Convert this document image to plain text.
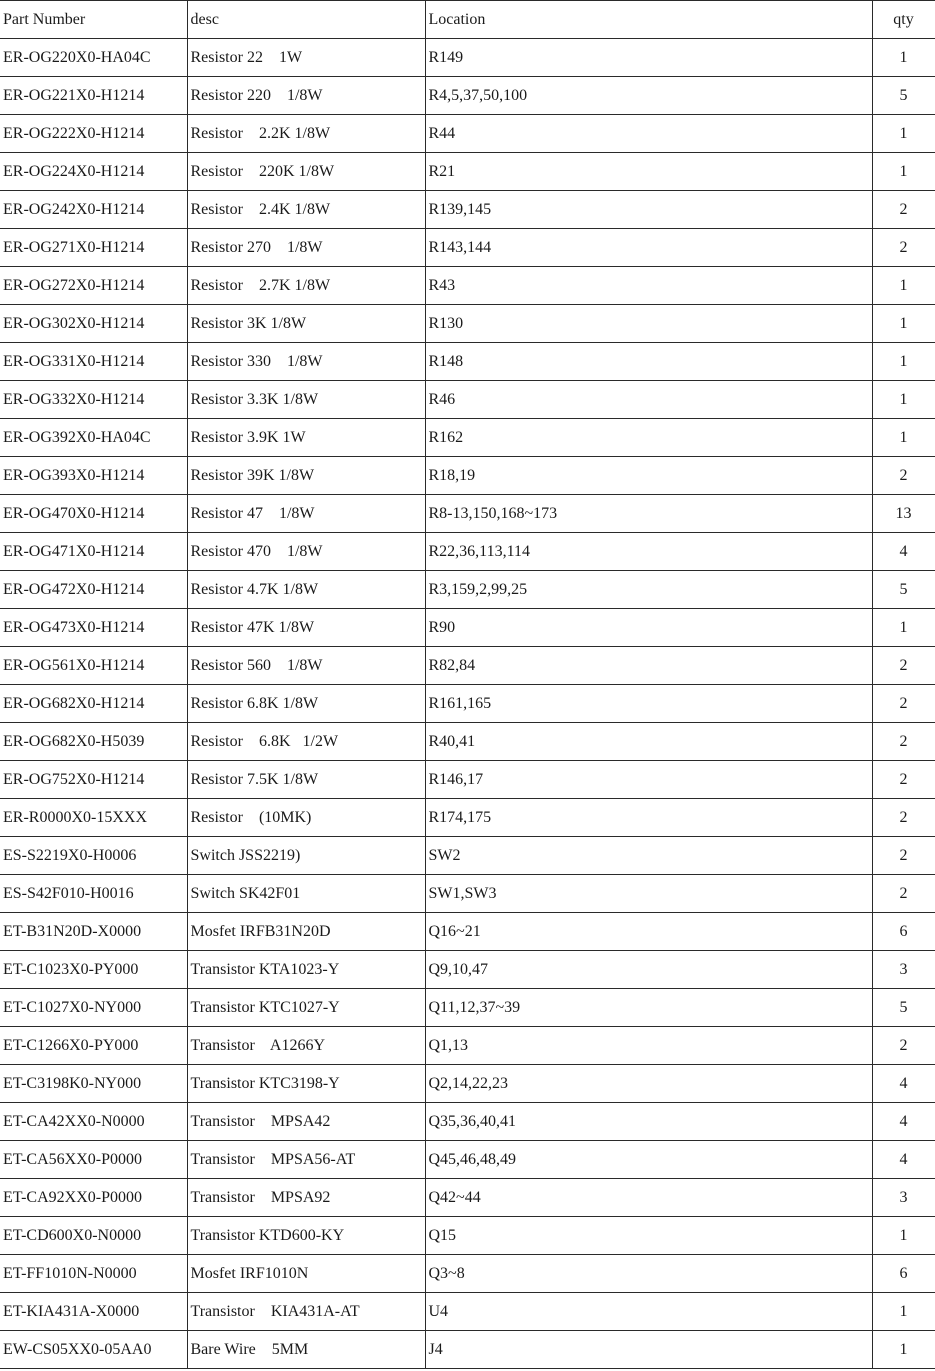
Part Number	desc	Location	qty
ER-OG220X0-HA04C	Resistor 22    1W	R149	1
ER-OG221X0-H1214	Resistor 220    1/8W	R4,5,37,50,100	5
ER-OG222X0-H1214	Resistor    2.2K 1/8W	R44	1
ER-OG224X0-H1214	Resistor    220K 1/8W	R21	1
ER-OG242X0-H1214	Resistor    2.4K 1/8W	R139,145	2
ER-OG271X0-H1214	Resistor 270    1/8W	R143,144	2
ER-OG272X0-H1214	Resistor    2.7K 1/8W	R43	1
ER-OG302X0-H1214	Resistor 3K 1/8W	R130	1
ER-OG331X0-H1214	Resistor 330    1/8W	R148	1
ER-OG332X0-H1214	Resistor 3.3K 1/8W	R46	1
ER-OG392X0-HA04C	Resistor 3.9K 1W	R162	1
ER-OG393X0-H1214	Resistor 39K 1/8W	R18,19	2
ER-OG470X0-H1214	Resistor 47    1/8W	R8-13,150,168~173	13
ER-OG471X0-H1214	Resistor 470    1/8W	R22,36,113,114	4
ER-OG472X0-H1214	Resistor 4.7K 1/8W	R3,159,2,99,25	5
ER-OG473X0-H1214	Resistor 47K 1/8W	R90	1
ER-OG561X0-H1214	Resistor 560    1/8W	R82,84	2
ER-OG682X0-H1214	Resistor 6.8K 1/8W	R161,165	2
ER-OG682X0-H5039	Resistor    6.8K   1/2W	R40,41	2
ER-OG752X0-H1214	Resistor 7.5K 1/8W	R146,17	2
ER-R0000X0-15XXX	Resistor    (10MK)	R174,175	2
ES-S2219X0-H0006	Switch JSS2219)	SW2	2
ES-S42F010-H0016	Switch SK42F01	SW1,SW3	2
ET-B31N20D-X0000	Mosfet IRFB31N20D	Q16~21	6
ET-C1023X0-PY000	Transistor KTA1023-Y	Q9,10,47	3
ET-C1027X0-NY000	Transistor KTC1027-Y	Q11,12,37~39	5
ET-C1266X0-PY000	Transistor    A1266Y	Q1,13	2
ET-C3198K0-NY000	Transistor KTC3198-Y	Q2,14,22,23	4
ET-CA42XX0-N0000	Transistor    MPSA42	Q35,36,40,41	4
ET-CA56XX0-P0000	Transistor    MPSA56-AT	Q45,46,48,49	4
ET-CA92XX0-P0000	Transistor    MPSA92	Q42~44	3
ET-CD600X0-N0000	Transistor KTD600-KY	Q15	1
ET-FF1010N-N0000	Mosfet IRF1010N	Q3~8	6
ET-KIA431A-X0000	Transistor    KIA431A-AT	U4	1
EW-CS05XX0-05AA0	Bare Wire    5MM	J4	1
